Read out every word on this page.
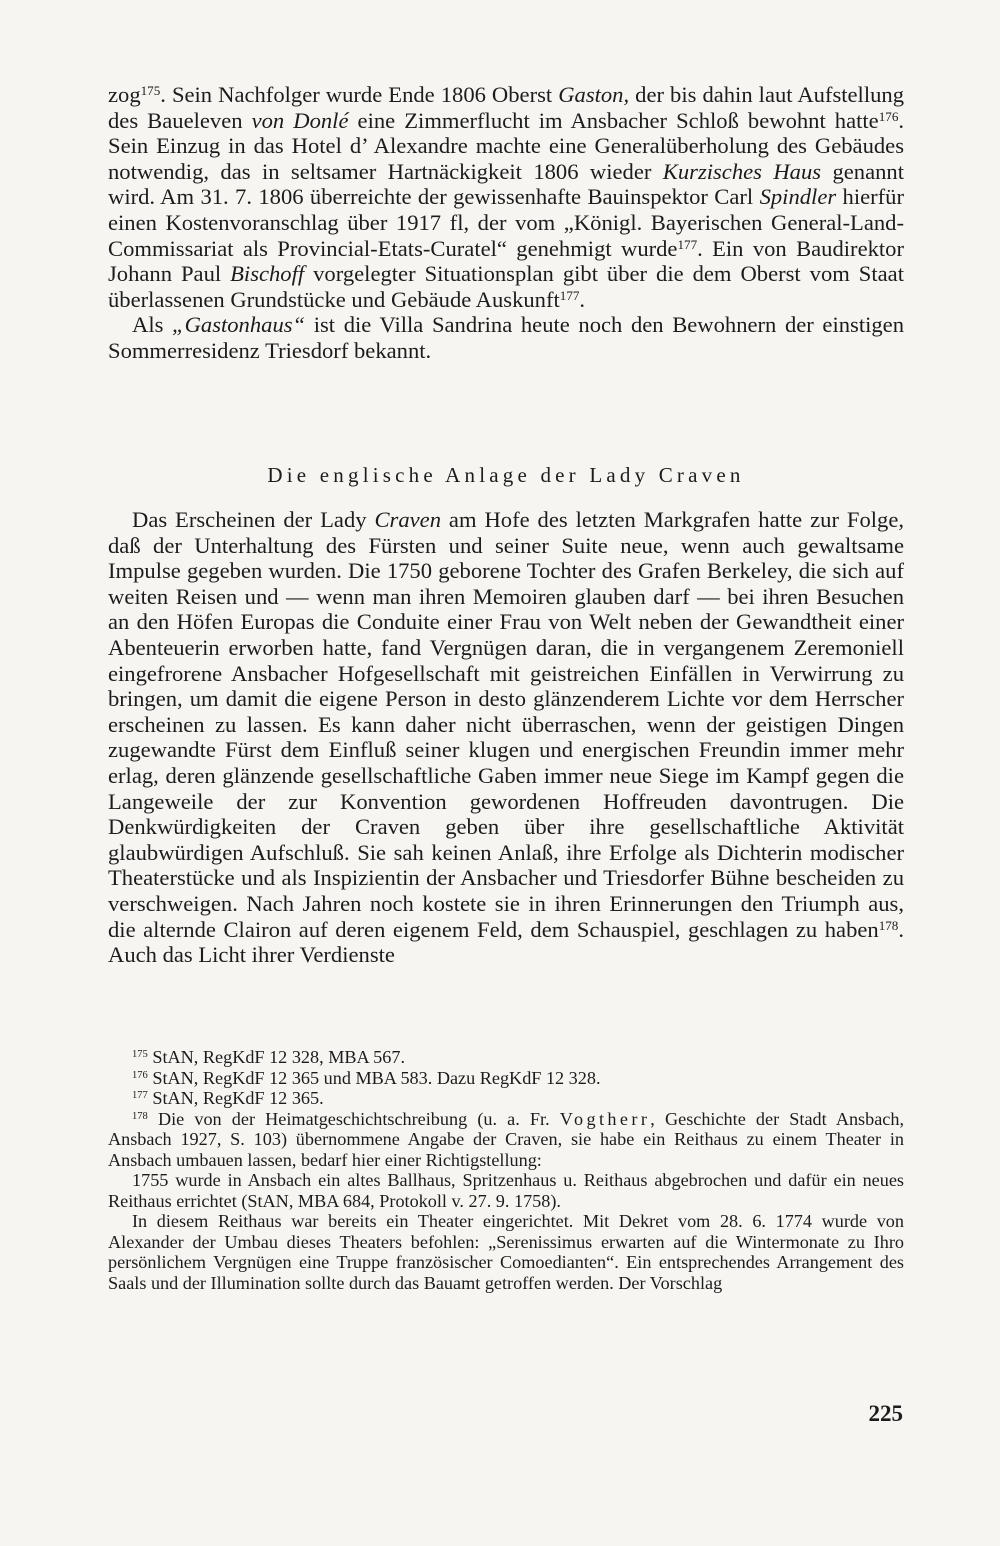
zog$^{175}$. Sein Nachfolger wurde Ende 1806 Oberst Gaston, der bis dahin laut Aufstellung des Baueleven von Donlé eine Zimmerflucht im Ansbacher Schloß bewohnt hatte$^{176}$. Sein Einzug in das Hotel d’ Alexandre machte eine Generalüberholung des Gebäudes notwendig, das in seltsamer Hartnäckigkeit 1806 wieder Kurzisches Haus genannt wird. Am 31. 7. 1806 überreichte der gewissenhafte Bauinspektor Carl Spindler hierfür einen Kostenvoranschlag über 1917 fl, der vom „Königl. Bayerischen General-Land-Commissariat als Provincial-Etats-Curatel“ genehmigt wurde$^{177}$. Ein von Baudirektor Johann Paul Bischoff vorgelegter Situationsplan gibt über die dem Oberst vom Staat überlassenen Grundstücke und Gebäude Auskunft$^{177}$.

Als „Gastonhaus“ ist die Villa Sandrina heute noch den Bewohnern der einstigen Sommerresidenz Triesdorf bekannt.

Die englische Anlage der Lady Craven

Das Erscheinen der Lady Craven am Hofe des letzten Markgrafen hatte zur Folge, daß der Unterhaltung des Fürsten und seiner Suite neue, wenn auch gewaltsame Impulse gegeben wurden. Die 1750 geborene Tochter des Grafen Berkeley, die sich auf weiten Reisen und — wenn man ihren Memoiren glauben darf — bei ihren Besuchen an den Höfen Europas die Conduite einer Frau von Welt neben der Gewandtheit einer Abenteuerin erworben hatte, fand Vergnügen daran, die in vergangenem Zeremoniell eingefrorene Ansbacher Hofgesellschaft mit geistreichen Einfällen in Verwirrung zu bringen, um damit die eigene Person in desto glänzenderem Lichte vor dem Herrscher erscheinen zu lassen. Es kann daher nicht überraschen, wenn der geistigen Dingen zugewandte Fürst dem Einfluß seiner klugen und energischen Freundin immer mehr erlag, deren glänzende gesellschaftliche Gaben immer neue Siege im Kampf gegen die Langeweile der zur Konvention gewordenen Hoffreuden davontrugen. Die Denkwürdigkeiten der Craven geben über ihre gesellschaftliche Aktivität glaubwürdigen Aufschluß. Sie sah keinen Anlaß, ihre Erfolge als Dichterin modischer Theaterstücke und als Inspizientin der Ansbacher und Triesdorfer Bühne bescheiden zu verschweigen. Nach Jahren noch kostete sie in ihren Erinnerungen den Triumph aus, die alternde Clairon auf deren eigenem Feld, dem Schauspiel, geschlagen zu haben$^{178}$. Auch das Licht ihrer Verdienste

$^{175}$ StAN, RegKdF 12 328, MBA 567.

$^{176}$ StAN, RegKdF 12 365 und MBA 583. Dazu RegKdF 12 328.

$^{177}$ StAN, RegKdF 12 365.

$^{178}$ Die von der Heimatgeschichtschreibung (u. a. Fr. Vogtherr, Geschichte der Stadt Ansbach, Ansbach 1927, S. 103) übernommene Angabe der Craven, sie habe ein Reithaus zu einem Theater in Ansbach umbauen lassen, bedarf hier einer Richtigstellung:

1755 wurde in Ansbach ein altes Ballhaus, Spritzenhaus u. Reithaus abgebrochen und dafür ein neues Reithaus errichtet (StAN, MBA 684, Protokoll v. 27. 9. 1758).

In diesem Reithaus war bereits ein Theater eingerichtet. Mit Dekret vom 28. 6. 1774 wurde von Alexander der Umbau dieses Theaters befohlen: „Serenissimus erwarten auf die Wintermonate zu Ihro persönlichem Vergnügen eine Truppe französischer Comoedianten“. Ein entsprechendes Arrangement des Saals und der Illumination sollte durch das Bauamt getroffen werden. Der Vorschlag

225
